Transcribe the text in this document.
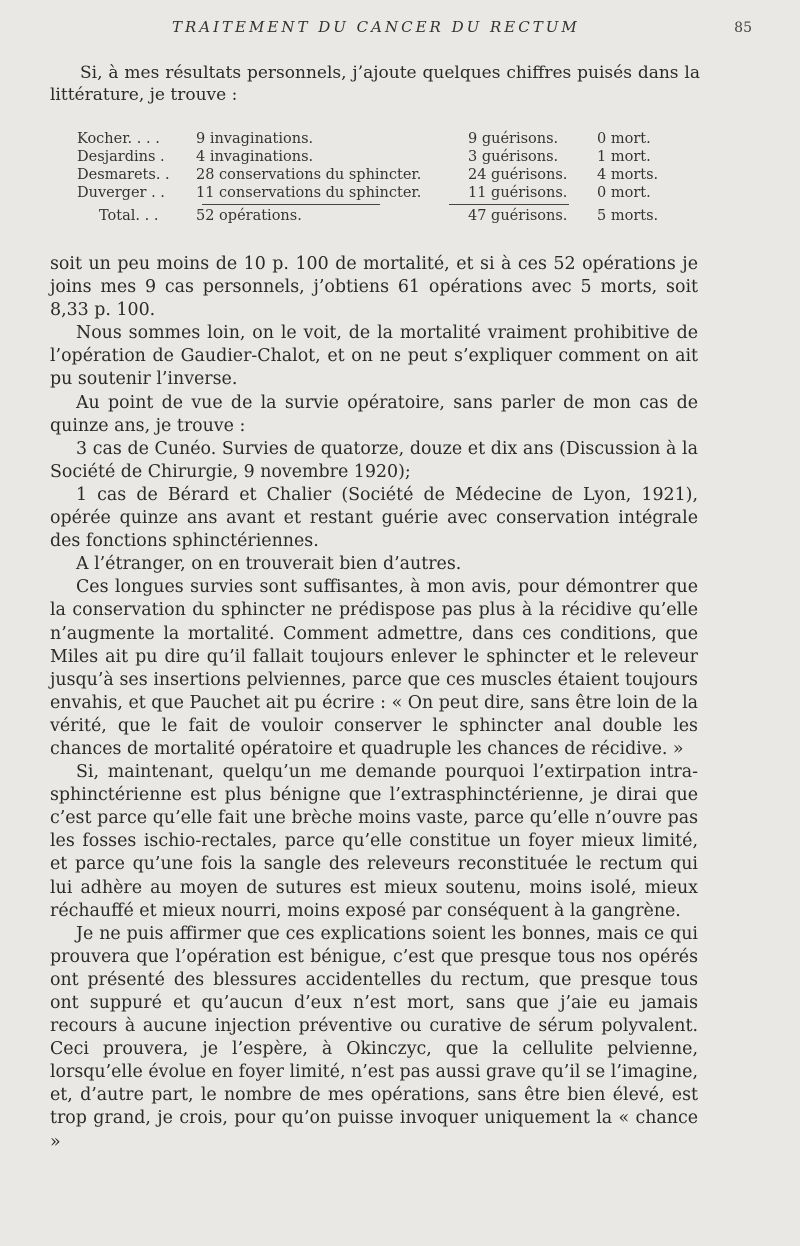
TRAITEMENT DU CANCER DU RECTUM	85
Si, à mes résultats personnels, j’ajoute quelques chiffres puisés dans la littérature, je trouve :
Kocher. . . . 9 invaginations.	9 guérisons.	0 mort.
Desjardins . 4 invaginations.	3 guérisons.	1 mort.
Desmarets. . 28 conservations du sphincter.	24 guérisons. 4 morts.
Duverger . . 11 conservations du sphincter.	11 guérisons. 0 mort.
Total. . .	52 opérations.	47 guérisons. 5 morts.

soit un peu moins de 10 p. 100 de mortalité, et si à ces 52 opérations je joins mes 9 cas personnels, j’obtiens 61 opérations avec 5 morts, soit 8,33 p. 100.

Nous sommes loin, on le voit, de la mortalité vraiment prohibitive de l’opération de Gaudier-Chalot, et on ne peut s’expliquer comment on ait pu soutenir l’inverse.

Au point de vue de la survie opératoire, sans parler de mon cas de quinze ans, je trouve :

3 cas de Cunéo. Survies de quatorze, douze et dix ans (Discussion à la Société de Chirurgie, 9 novembre 1920);

1 cas de Bérard et Chalier (Société de Médecine de Lyon, 1921), opérée quinze ans avant et restant guérie avec conservation intégrale des fonctions sphinctériennes.

A l’étranger, on en trouverait bien d’autres.

Ces longues survies sont suffisantes, à mon avis, pour démontrer que la conservation du sphincter ne prédispose pas plus à la récidive qu’elle n’augmente la mortalité. Comment admettre, dans ces conditions, que Miles ait pu dire qu’il fallait toujours enlever le sphincter et le releveur jusqu’à ses insertions pelviennes, parce que ces muscles étaient toujours envahis, et que Pauchet ait pu écrire : « On peut dire, sans être loin de la vérité, que le fait de vouloir conserver le sphincter anal double les chances de mortalité opératoire et quadruple les chances de récidive. »

Si, maintenant, quelqu’un me demande pourquoi l’extirpation intra-sphinctérienne est plus bénigne que l’extrasphinctérienne, je dirai que c’est parce qu’elle fait une brèche moins vaste, parce qu’elle n’ouvre pas les fosses ischio-rectales, parce qu’elle constitue un foyer mieux limité, et parce qu’une fois la sangle des releveurs reconstituée le rectum qui lui adhère au moyen de sutures est mieux soutenu, moins isolé, mieux réchauffé et mieux nourri, moins exposé par conséquent à la gangrène.

Je ne puis affirmer que ces explications soient les bonnes, mais ce qui prouvera que l’opération est bénigue, c’est que presque tous nos opérés ont présenté des blessures accidentelles du rectum, que presque tous ont suppuré et qu’aucun d’eux n’est mort, sans que j’aie eu jamais recours à aucune injection préventive ou curative de sérum polyvalent. Ceci prouvera, je l’espère, à Okinczyc, que la cellulite pelvienne, lorsqu’elle évolue en foyer limité, n’est pas aussi grave qu’il se l’imagine, et, d’autre part, le nombre de mes opérations, sans être bien élevé, est trop grand, je crois, pour qu’on puisse invoquer uniquement la « chance »
